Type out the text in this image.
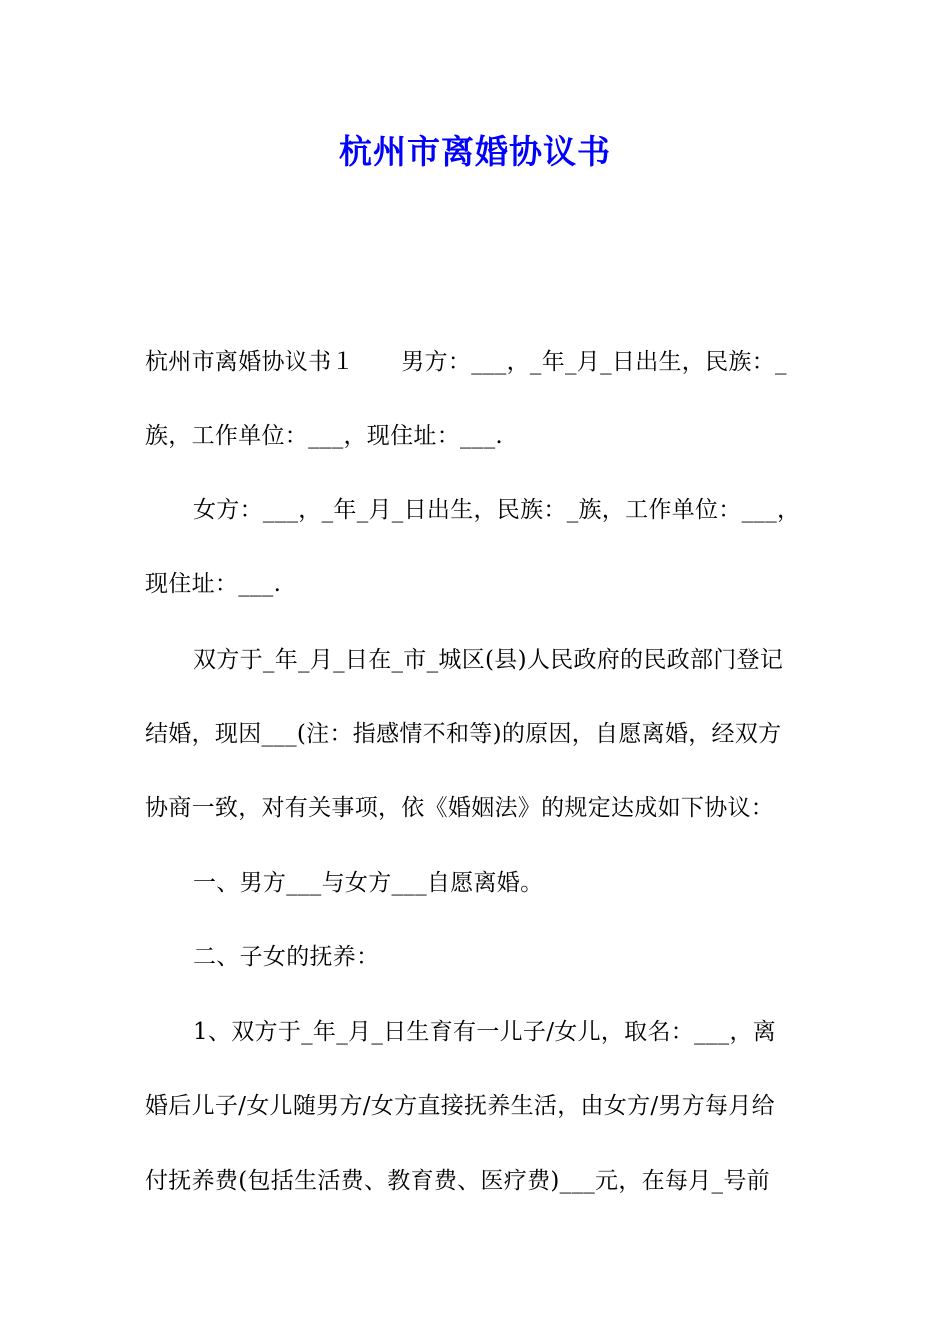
杭州市离婚协议书
杭州市离婚协议书１　　男方：___，_年_月_日出生，民族：_
族，工作单位：___，现住址：___.
女方：___，_年_月_日出生，民族：_族，工作单位：___，
现住址：___.
双方于_年_月_日在_市_城区(县)人民政府的民政部门登记
结婚，现因___(注：指感情不和等)的原因，自愿离婚，经双方
协商一致，对有关事项，依《婚姻法》的规定达成如下协议：
一、男方___与女方___自愿离婚。
二、子女的抚养：
1、双方于_年_月_日生育有一儿子/女儿，取名：___，离
婚后儿子/女儿随男方/女方直接抚养生活，由女方/男方每月给
付抚养费(包括生活费、教育费、医疗费)___元，在每月_号前
